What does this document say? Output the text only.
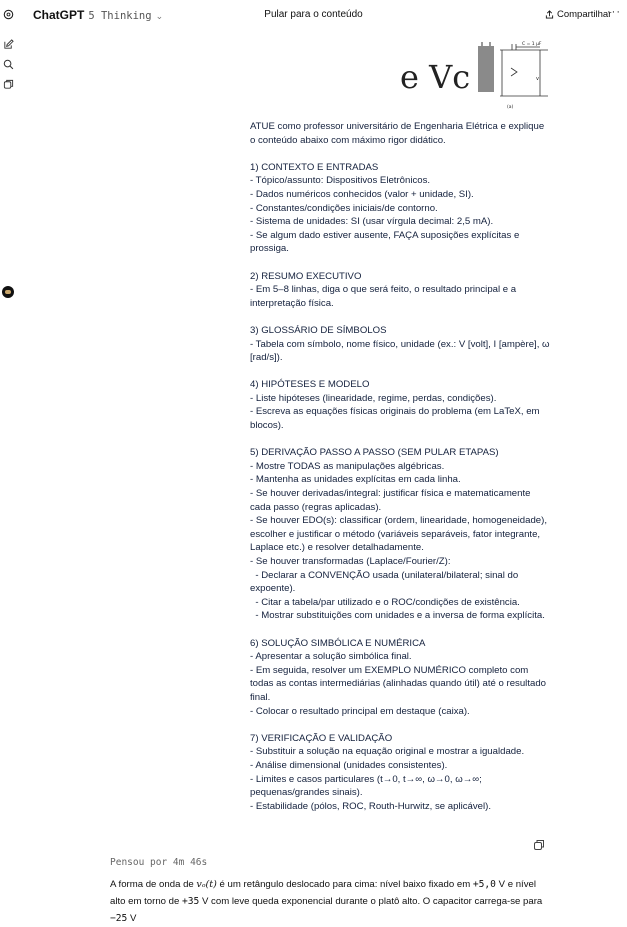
ChatGPT 5 Thinking ⌄	Pular para o conteúdo	Compartilhar
···
e Vc
C = 1 µF
v
(a)

ATUE como professor universitário de Engenharia Elétrica e explique o conteúdo abaixo com máximo rigor didático.

1) CONTEXTO E ENTRADAS

- Tópico/assunto: Dispositivos Eletrônicos.

- Dados numéricos conhecidos (valor + unidade, SI).

- Constantes/condições iniciais/de contorno.

- Sistema de unidades: SI (usar vírgula decimal: 2,5 mA).

- Se algum dado estiver ausente, FAÇA suposições explícitas e prossiga.

2) RESUMO EXECUTIVO

- Em 5–8 linhas, diga o que será feito, o resultado principal e a interpretação física.

3) GLOSSÁRIO DE SÍMBOLOS

- Tabela com símbolo, nome físico, unidade (ex.: V [volt], I [ampère], ω [rad/s]).

4) HIPÓTESES E MODELO

- Liste hipóteses (linearidade, regime, perdas, condições).

- Escreva as equações físicas originais do problema (em LaTeX, em blocos).

5) DERIVAÇÃO PASSO A PASSO (SEM PULAR ETAPAS)

- Mostre TODAS as manipulações algébricas.

- Mantenha as unidades explícitas em cada linha.

- Se houver derivadas/integral: justificar física e matematicamente cada passo (regras aplicadas).

- Se houver EDO(s): classificar (ordem, linearidade, homogeneidade), escolher e justificar o método (variáveis separáveis, fator integrante, Laplace etc.) e resolver detalhadamente.

- Se houver transformadas (Laplace/Fourier/Z):

- Declarar a CONVENÇÃO usada (unilateral/bilateral; sinal do expoente).

- Citar a tabela/par utilizado e o ROC/condições de existência.

- Mostrar substituições com unidades e a inversa de forma explícita.

6) SOLUÇÃO SIMBÓLICA E NUMÉRICA

- Apresentar a solução simbólica final.

- Em seguida, resolver um EXEMPLO NUMÉRICO completo com todas as contas intermediárias (alinhadas quando útil) até o resultado final.

- Colocar o resultado principal em destaque (caixa).

7) VERIFICAÇÃO E VALIDAÇÃO

- Substituir a solução na equação original e mostrar a igualdade.

- Análise dimensional (unidades consistentes).

- Limites e casos particulares (t→0, t→∞, ω→0, ω→∞; pequenas/grandes sinais).

- Estabilidade (pólos, ROC, Routh-Hurwitz, se aplicável).

Pensou por 4m 46s
A forma de onda de vₒ(t) é um retângulo deslocado para cima: nível baixo fixado em +5,0 V e nível alto em torno de +35 V com leve queda exponencial durante o platô alto. O capacitor carrega-se para −25 V
